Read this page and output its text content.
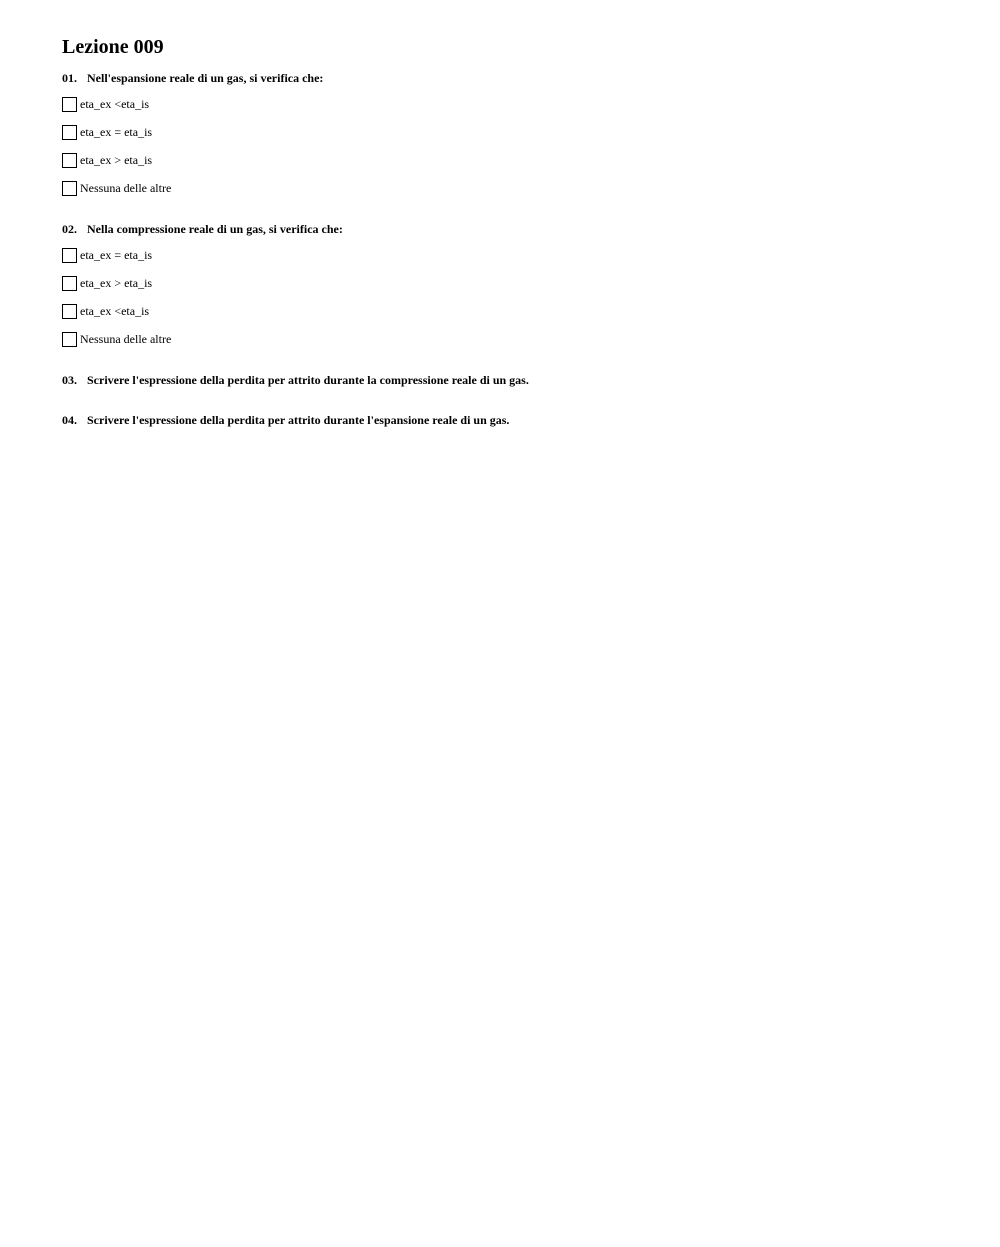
Lezione 009
01. Nell'espansione reale di un gas, si verifica che:
eta_ex <eta_is
eta_ex = eta_is
eta_ex > eta_is
Nessuna delle altre
02. Nella compressione reale di un gas, si verifica che:
eta_ex = eta_is
eta_ex > eta_is
eta_ex <eta_is
Nessuna delle altre
03. Scrivere l'espressione della perdita per attrito durante la compressione reale di un gas.
04. Scrivere l'espressione della perdita per attrito durante l'espansione reale di un gas.
